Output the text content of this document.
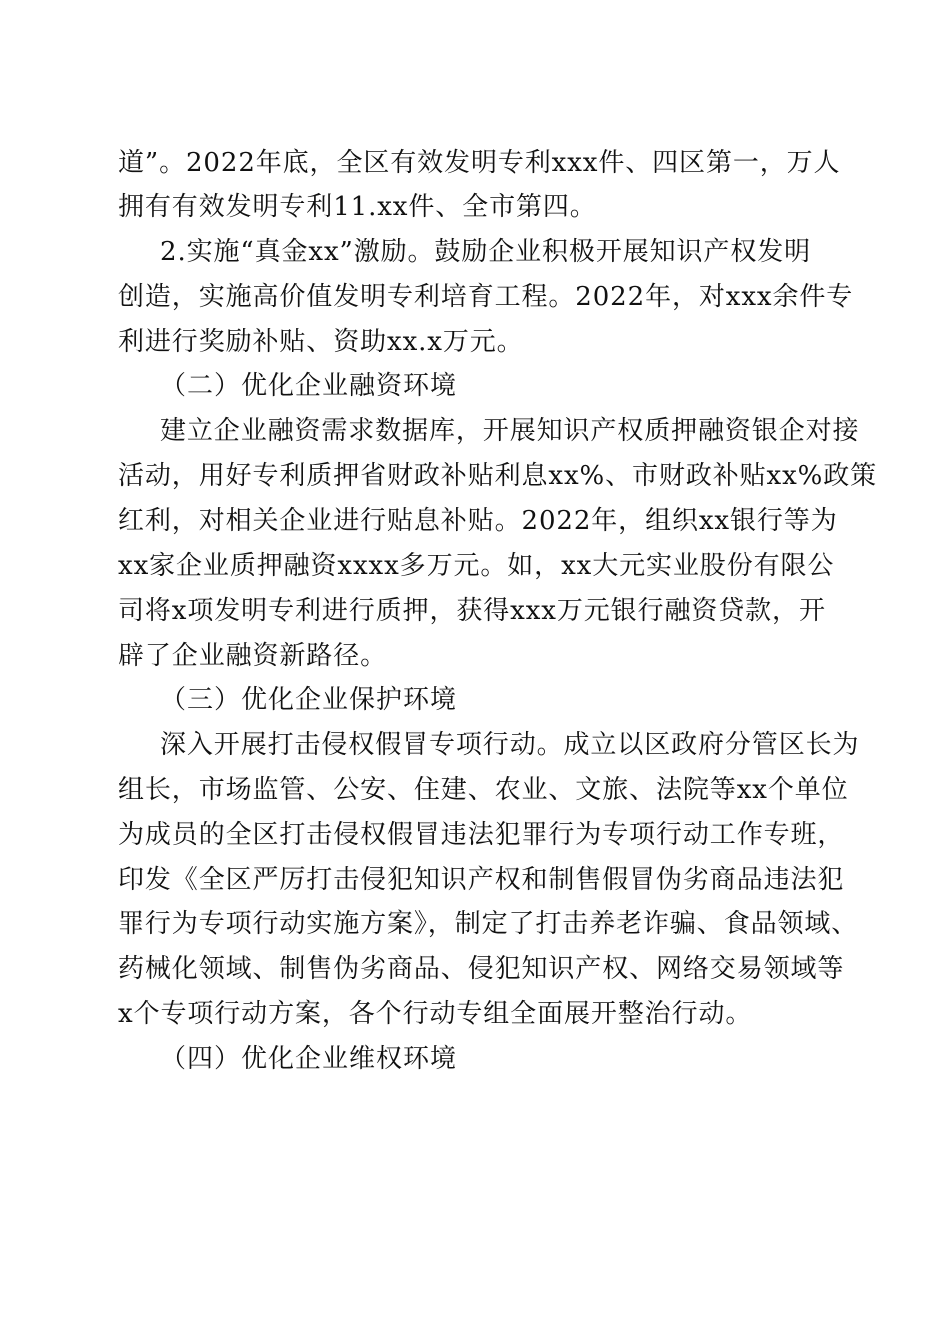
道”。2022年底，全区有效发明专利xxx件、四区第一，万人
拥有有效发明专利11.xx件、全市第四。
2.实施“真金xx”激励。鼓励企业积极开展知识产权发明
创造，实施高价值发明专利培育工程。2022年，对xxx余件专
利进行奖励补贴、资助xx.x万元。
（二）优化企业融资环境
建立企业融资需求数据库，开展知识产权质押融资银企对接
活动，用好专利质押省财政补贴利息xx%、市财政补贴xx%政策
红利，对相关企业进行贴息补贴。2022年，组织xx银行等为
xx家企业质押融资xxxx多万元。如，xx大元实业股份有限公
司将x项发明专利进行质押，获得xxx万元银行融资贷款，开
辟了企业融资新路径。
（三）优化企业保护环境
深入开展打击侵权假冒专项行动。成立以区政府分管区长为
组长，市场监管、公安、住建、农业、文旅、法院等xx个单位
为成员的全区打击侵权假冒违法犯罪行为专项行动工作专班，
印发《全区严厉打击侵犯知识产权和制售假冒伪劣商品违法犯
罪行为专项行动实施方案》，制定了打击养老诈骗、食品领域、
药械化领域、制售伪劣商品、侵犯知识产权、网络交易领域等
x个专项行动方案，各个行动专组全面展开整治行动。
（四）优化企业维权环境
